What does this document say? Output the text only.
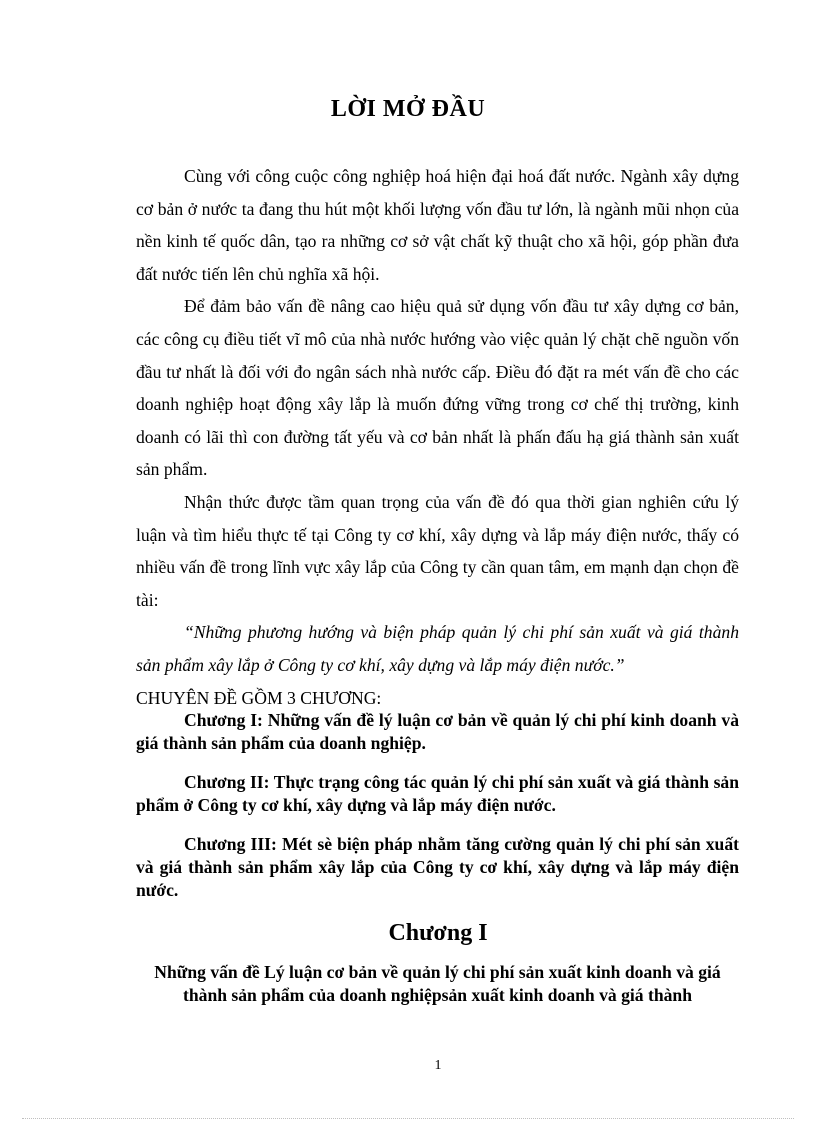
LỜI MỞ ĐẦU

Cùng với công cuộc công nghiệp hoá hiện đại hoá đất nước. Ngành xây dựng cơ bản ở nước ta đang thu hút một khối lượng vốn đầu tư lớn, là ngành mũi nhọn của nền kinh tế quốc dân, tạo ra những cơ sở vật chất kỹ thuật cho xã hội, góp phần đưa đất nước tiến lên chủ nghĩa xã hội.

Để đảm bảo vấn đề nâng cao hiệu quả sử dụng vốn đầu tư xây dựng cơ bản, các công cụ điều tiết vĩ mô của nhà nước hướng vào việc quản lý chặt chẽ nguồn vốn đầu tư nhất là đối với đo ngân sách nhà nước cấp. Điều đó đặt ra mét vấn đề cho các doanh nghiệp hoạt động xây lắp là muốn đứng vững trong cơ chế thị trường, kinh doanh có lãi thì con đường tất yếu và cơ bản nhất là phấn đấu hạ giá thành sản xuất sản phẩm.

Nhận thức được tầm quan trọng của vấn đề đó qua thời gian nghiên cứu lý luận và tìm hiểu thực tế tại Công ty cơ khí, xây dựng và lắp máy điện nước, thấy có nhiều vấn đề trong lĩnh vực xây lắp của Công ty cần quan tâm, em mạnh dạn chọn đề tài:

“Những phương hướng và biện pháp quản lý chi phí sản xuất và giá thành sản phẩm xây lắp ở Công ty cơ khí, xây dựng và lắp máy điện nước.”

CHUYÊN ĐỀ GỒM 3 CHƯƠNG:

Chương I: Những vấn đề lý luận cơ bản về quản lý chi phí kinh doanh và giá thành sản phẩm của doanh nghiệp.

Chương II: Thực trạng công tác quản lý chi phí sản xuất và giá thành sản phẩm ở Công ty cơ khí, xây dựng và lắp máy điện nước.

Chương III: Mét sè biện pháp nhằm tăng cường quản lý chi phí sản xuất và giá thành sản phẩm xây lắp của Công ty cơ khí, xây dựng và lắp máy điện nước.

Chương I
Những vấn đề Lý luận cơ bản về quản lý chi phí sản xuất kinh doanh và giá thành sản phẩm của doanh nghiệpsản xuất kinh doanh và giá thành
1
